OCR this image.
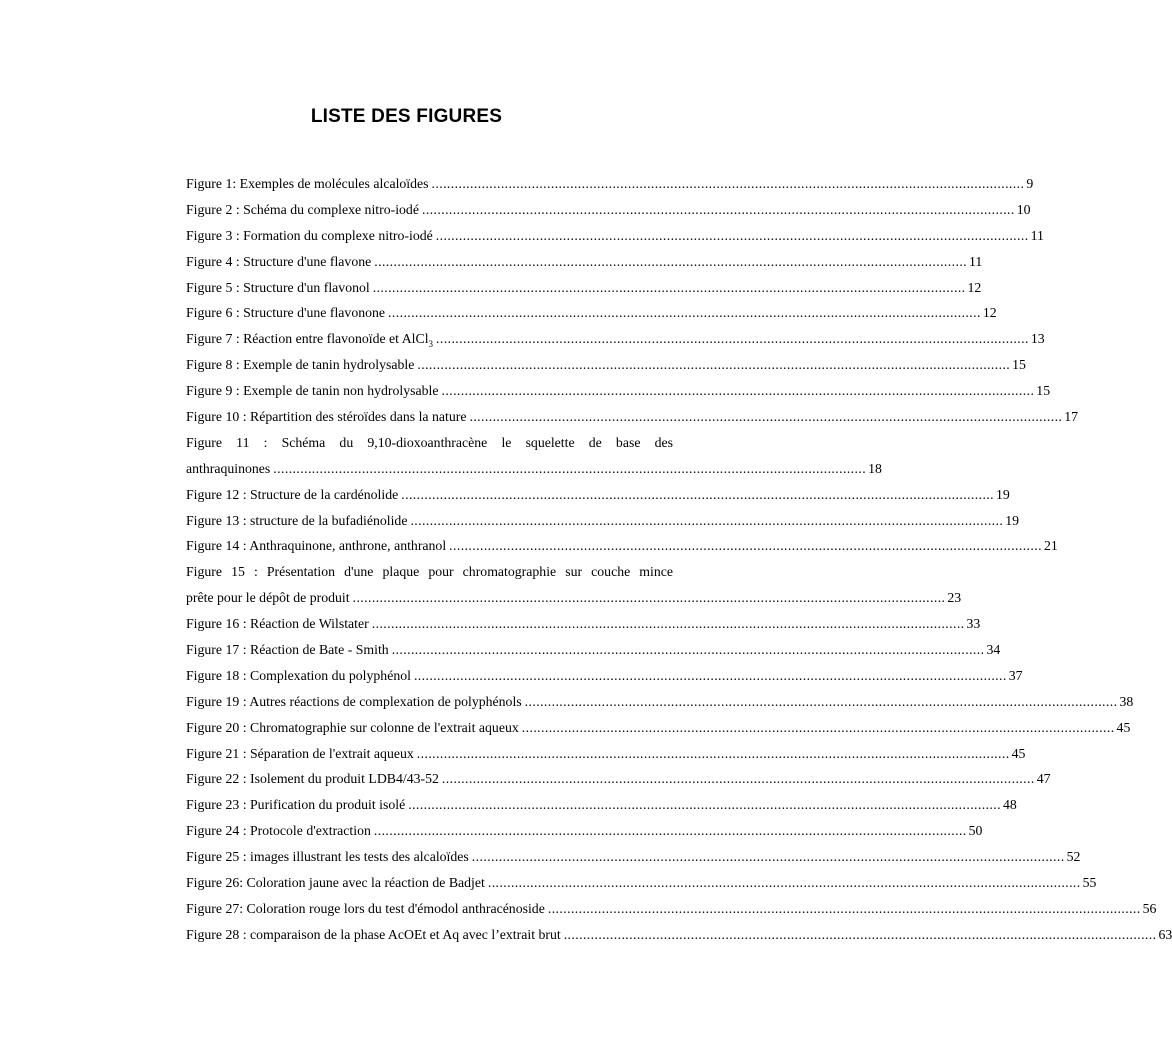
LISTE DES FIGURES
Figure 1: Exemples de molécules alcaloïdes .......................................................................................................................................................... 9
Figure 2 : Schéma du complexe nitro-iodé .......................................................................................................................................................... 10
Figure 3 : Formation du complexe nitro-iodé .......................................................................................................................................................... 11
Figure 4 : Structure d'une flavone .......................................................................................................................................................... 11
Figure 5 : Structure d'un flavonol .......................................................................................................................................................... 12
Figure 6 : Structure d'une flavonone .......................................................................................................................................................... 12
Figure 7 : Réaction entre flavonoïde et AlCl$_3$ .......................................................................................................................................................... 13
Figure 8 : Exemple de tanin hydrolysable .......................................................................................................................................................... 15
Figure 9 : Exemple de tanin non hydrolysable .......................................................................................................................................................... 15
Figure 10 : Répartition des stéroïdes dans la nature .......................................................................................................................................................... 17
Figure 11 : Schéma du 9,10-dioxoanthracène le squelette de base des
anthraquinones .......................................................................................................................................................... 18
Figure 12 : Structure de la cardénolide .......................................................................................................................................................... 19
Figure 13 : structure de la bufadiénolide .......................................................................................................................................................... 19
Figure 14 : Anthraquinone, anthrone, anthranol .......................................................................................................................................................... 21
Figure 15 : Présentation d'une plaque pour chromatographie sur couche mince
prête pour le dépôt de produit .......................................................................................................................................................... 23
Figure 16 : Réaction de Wilstater .......................................................................................................................................................... 33
Figure 17 : Réaction de Bate - Smith .......................................................................................................................................................... 34
Figure 18 : Complexation du polyphénol .......................................................................................................................................................... 37
Figure 19 : Autres réactions de complexation de polyphénols .......................................................................................................................................................... 38
Figure 20 : Chromatographie sur colonne de l'extrait aqueux .......................................................................................................................................................... 45
Figure 21 : Séparation de l'extrait aqueux .......................................................................................................................................................... 45
Figure 22 : Isolement du produit LDB4/43-52 .......................................................................................................................................................... 47
Figure 23 : Purification du produit isolé .......................................................................................................................................................... 48
Figure 24 : Protocole d'extraction .......................................................................................................................................................... 50
Figure 25 : images illustrant les tests des alcaloïdes .......................................................................................................................................................... 52
Figure 26: Coloration jaune avec la réaction de Badjet .......................................................................................................................................................... 55
Figure 27: Coloration rouge lors du test d'émodol anthracénoside .......................................................................................................................................................... 56
Figure 28 : comparaison de la phase AcOEt et Aq avec l’extrait brut .......................................................................................................................................................... 63
